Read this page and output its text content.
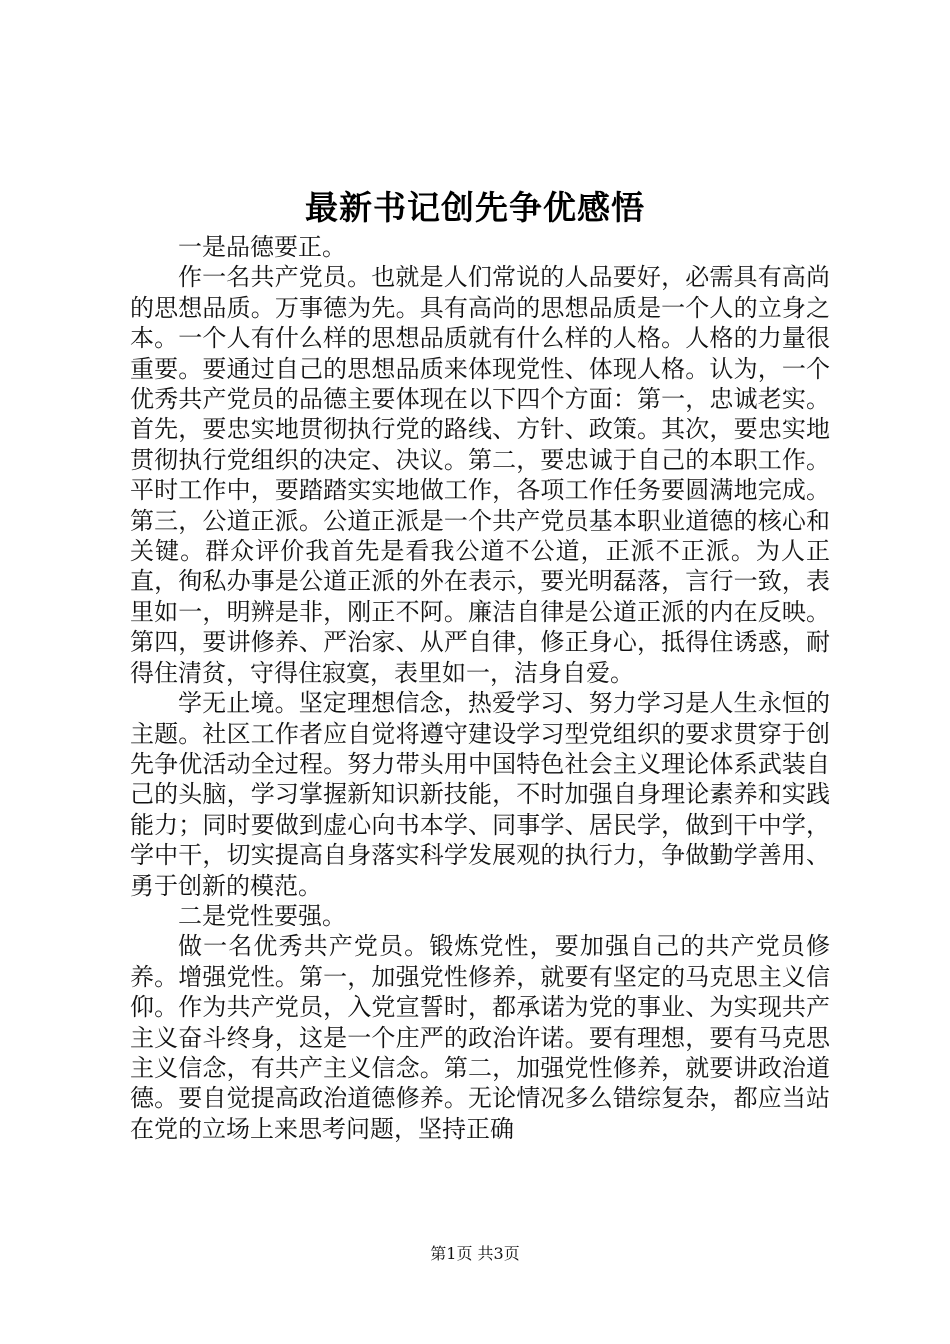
最新书记创先争优感悟

一是品德要正。

作一名共产党员。也就是人们常说的人品要好，必需具有高尚的思想品质。万事德为先。具有高尚的思想品质是一个人的立身之本。一个人有什么样的思想品质就有什么样的人格。人格的力量很重要。要通过自己的思想品质来体现党性、体现人格。认为，一个优秀共产党员的品德主要体现在以下四个方面：第一，忠诚老实。首先，要忠实地贯彻执行党的路线、方针、政策。其次，要忠实地贯彻执行党组织的决定、决议。第二，要忠诚于自己的本职工作。平时工作中，要踏踏实实地做工作，各项工作任务要圆满地完成。第三，公道正派。公道正派是一个共产党员基本职业道德的核心和关键。群众评价我首先是看我公道不公道，正派不正派。为人正直，徇私办事是公道正派的外在表示，要光明磊落，言行一致，表里如一，明辨是非，刚正不阿。廉洁自律是公道正派的内在反映。第四，要讲修养、严治家、从严自律，修正身心，抵得住诱惑，耐得住清贫，守得住寂寞，表里如一，洁身自爱。

学无止境。坚定理想信念，热爱学习、努力学习是人生永恒的主题。社区工作者应自觉将遵守建设学习型党组织的要求贯穿于创先争优活动全过程。努力带头用中国特色社会主义理论体系武装自己的头脑，学习掌握新知识新技能，不时加强自身理论素养和实践能力；同时要做到虚心向书本学、同事学、居民学，做到干中学，学中干，切实提高自身落实科学发展观的执行力，争做勤学善用、勇于创新的模范。

二是党性要强。

做一名优秀共产党员。锻炼党性，要加强自己的共产党员修养。增强党性。第一，加强党性修养，就要有坚定的马克思主义信仰。作为共产党员，入党宣誓时，都承诺为党的事业、为实现共产主义奋斗终身，这是一个庄严的政治许诺。要有理想，要有马克思主义信念，有共产主义信念。第二，加强党性修养，就要讲政治道德。要自觉提高政治道德修养。无论情况多么错综复杂，都应当站在党的立场上来思考问题，坚持正确

第1页 共3页
